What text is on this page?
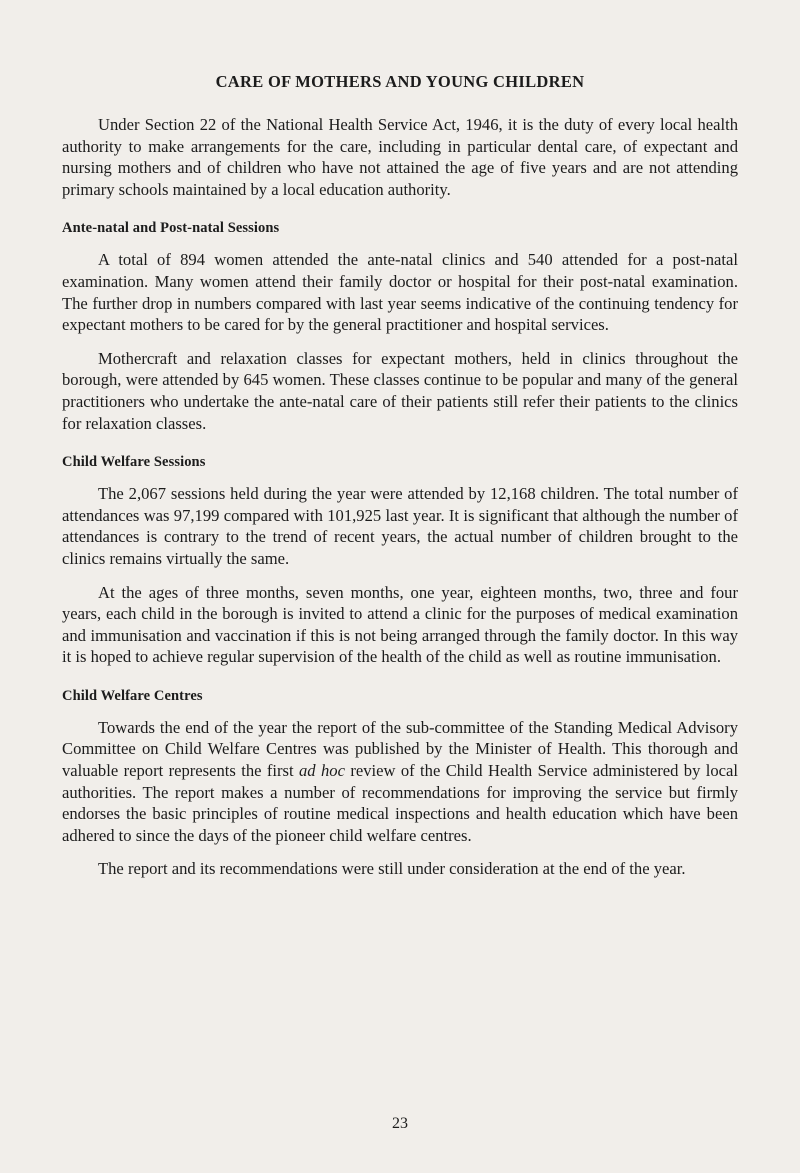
CARE OF MOTHERS AND YOUNG CHILDREN

Under Section 22 of the National Health Service Act, 1946, it is the duty of every local health authority to make arrangements for the care, including in particular dental care, of expectant and nursing mothers and of children who have not attained the age of five years and are not attending primary schools maintained by a local education authority.

Ante-natal and Post-natal Sessions

A total of 894 women attended the ante-natal clinics and 540 attended for a post-natal examination. Many women attend their family doctor or hospital for their post-natal examination. The further drop in numbers compared with last year seems indicative of the continuing tendency for expectant mothers to be cared for by the general practitioner and hospital services.

Mothercraft and relaxation classes for expectant mothers, held in clinics throughout the borough, were attended by 645 women. These classes continue to be popular and many of the general practitioners who undertake the ante-natal care of their patients still refer their patients to the clinics for relaxation classes.

Child Welfare Sessions

The 2,067 sessions held during the year were attended by 12,168 children. The total number of attendances was 97,199 compared with 101,925 last year. It is significant that although the number of attendances is contrary to the trend of recent years, the actual number of children brought to the clinics remains virtually the same.

At the ages of three months, seven months, one year, eighteen months, two, three and four years, each child in the borough is invited to attend a clinic for the purposes of medical examination and immunisation and vaccination if this is not being arranged through the family doctor. In this way it is hoped to achieve regular supervision of the health of the child as well as routine immunisation.

Child Welfare Centres

Towards the end of the year the report of the sub-committee of the Standing Medical Advisory Committee on Child Welfare Centres was published by the Minister of Health. This thorough and valuable report represents the first ad hoc review of the Child Health Service administered by local authorities. The report makes a number of recommendations for improving the service but firmly endorses the basic principles of routine medical inspections and health education which have been adhered to since the days of the pioneer child welfare centres.

The report and its recommendations were still under consideration at the end of the year.

23
